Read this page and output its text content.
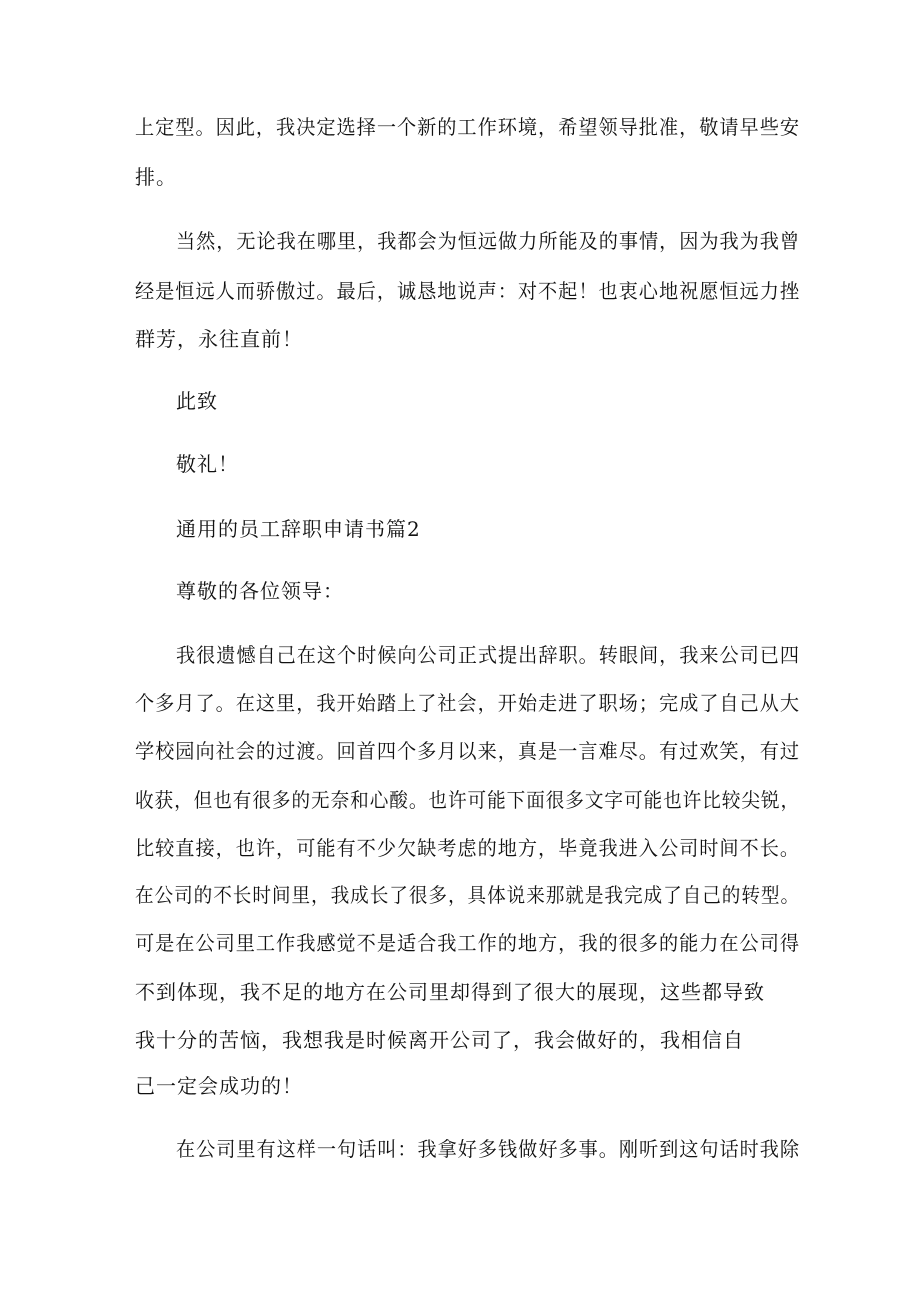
上定型。因此，我决定选择一个新的工作环境，希望领导批准，敬请早些安
排。
当然，无论我在哪里，我都会为恒远做力所能及的事情，因为我为我曾
经是恒远人而骄傲过。最后，诚恳地说声：对不起！也衷心地祝愿恒远力挫
群芳，永往直前！
此致
敬礼！
通用的员工辞职申请书篇2
尊敬的各位领导：
我很遗憾自己在这个时候向公司正式提出辞职。转眼间，我来公司已四
个多月了。在这里，我开始踏上了社会，开始走进了职场；完成了自己从大
学校园向社会的过渡。回首四个多月以来，真是一言难尽。有过欢笑，有过
收获，但也有很多的无奈和心酸。也许可能下面很多文字可能也许比较尖锐，
比较直接，也许，可能有不少欠缺考虑的地方，毕竟我进入公司时间不长。
在公司的不长时间里，我成长了很多，具体说来那就是我完成了自己的转型。
可是在公司里工作我感觉不是适合我工作的地方，我的很多的能力在公司得
不到体现，我不足的地方在公司里却得到了很大的展现，这些都导致
我十分的苦恼，我想我是时候离开公司了，我会做好的，我相信自
己一定会成功的！
在公司里有这样一句话叫：我拿好多钱做好多事。刚听到这句话时我除
